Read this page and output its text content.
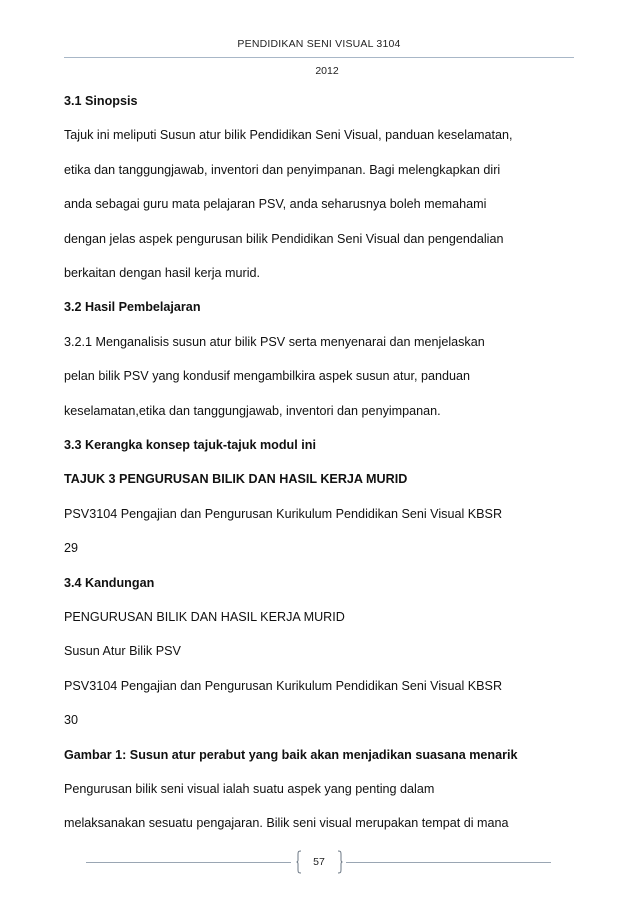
PENDIDIKAN SENI VISUAL 3104
2012
3.1 Sinopsis
Tajuk ini meliputi Susun atur bilik Pendidikan Seni Visual, panduan keselamatan,
etika dan tanggungjawab, inventori dan penyimpanan. Bagi melengkapkan diri
anda sebagai guru mata pelajaran PSV, anda seharusnya boleh memahami
dengan jelas aspek pengurusan bilik Pendidikan Seni Visual dan pengendalian
berkaitan dengan hasil kerja murid.
3.2 Hasil Pembelajaran
3.2.1 Menganalisis susun atur bilik PSV serta menyenarai dan menjelaskan
pelan bilik PSV yang kondusif mengambilkira aspek susun atur, panduan
keselamatan,etika dan tanggungjawab, inventori dan penyimpanan.
3.3 Kerangka konsep tajuk-tajuk modul ini
TAJUK 3 PENGURUSAN BILIK DAN HASIL KERJA MURID
PSV3104 Pengajian dan Pengurusan Kurikulum Pendidikan Seni Visual KBSR
29
3.4 Kandungan
PENGURUSAN BILIK DAN HASIL KERJA MURID
Susun Atur Bilik PSV
PSV3104 Pengajian dan Pengurusan Kurikulum Pendidikan Seni Visual KBSR
30
Gambar 1: Susun atur perabut yang baik akan menjadikan suasana menarik
Pengurusan bilik seni visual ialah suatu aspek yang penting dalam
melaksanakan sesuatu pengajaran. Bilik seni visual merupakan tempat di mana
57
